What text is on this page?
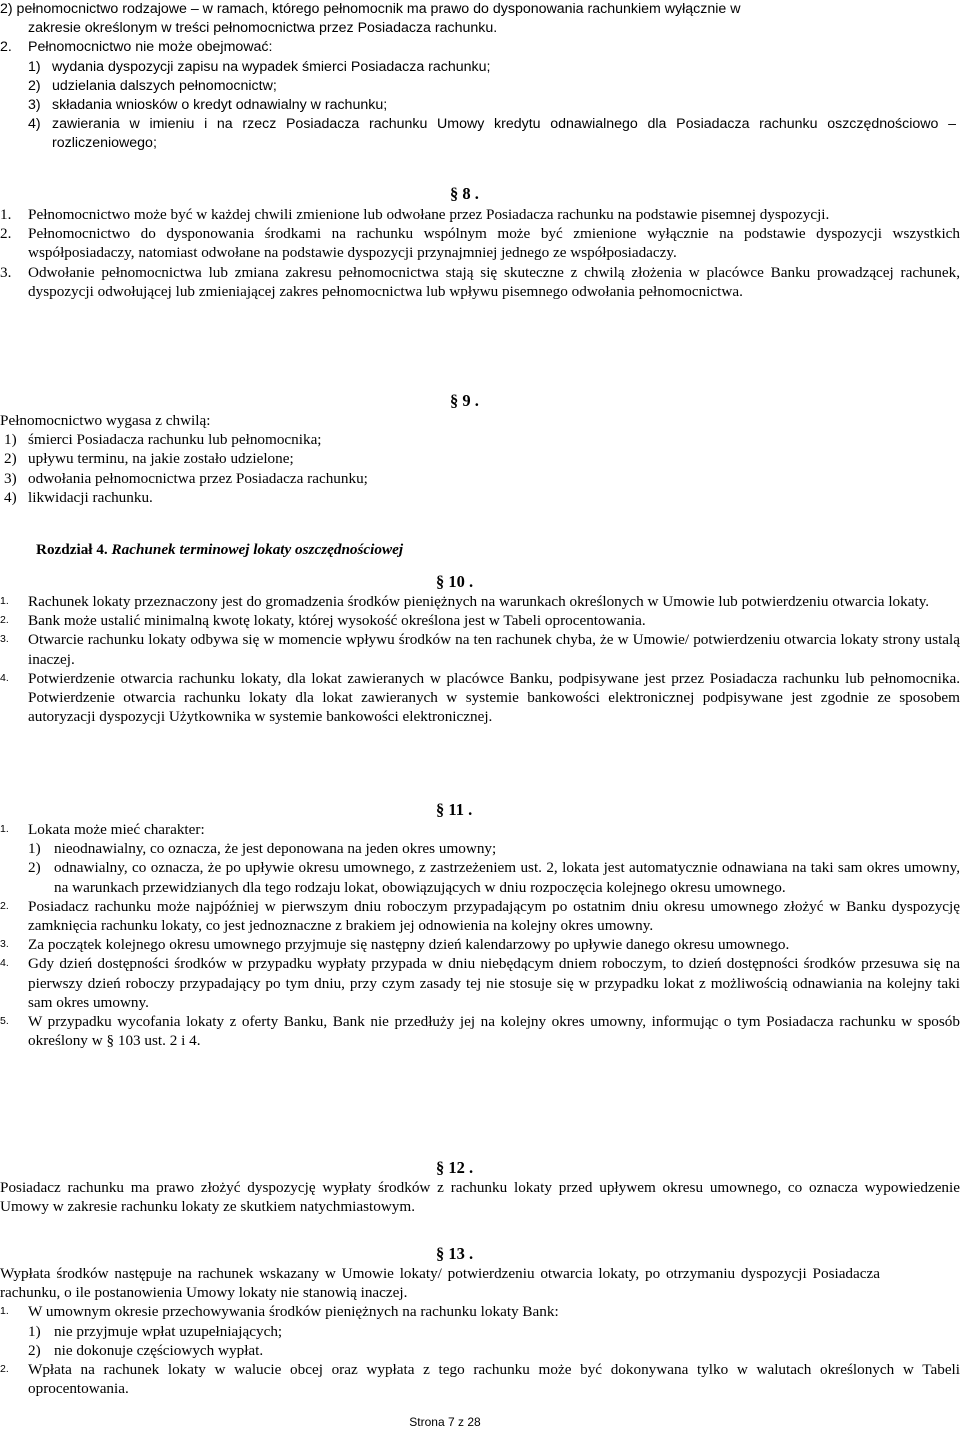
2) pełnomocnictwo rodzajowe – w ramach, którego pełnomocnik ma prawo do dysponowania rachunkiem wyłącznie w
zakresie określonym w treści pełnomocnictwa przez Posiadacza rachunku.
2. Pełnomocnictwo nie może obejmować:
1) wydania dyspozycji zapisu na wypadek śmierci Posiadacza rachunku;
2) udzielania dalszych pełnomocnictw;
3) składania wniosków o kredyt odnawialny w rachunku;
4) zawierania w imieniu i na rzecz Posiadacza rachunku Umowy kredytu odnawialnego dla Posiadacza rachunku oszczędnościowo –rozliczeniowego;
§ 8 .
1. Pełnomocnictwo może być w każdej chwili zmienione lub odwołane przez Posiadacza rachunku na podstawie pisemnej dyspozycji.
2. Pełnomocnictwo do dysponowania środkami na rachunku wspólnym może być zmienione wyłącznie na podstawie dyspozycji wszystkich współposiadaczy, natomiast odwołane na podstawie dyspozycji przynajmniej jednego ze współposiadaczy.
3. Odwołanie pełnomocnictwa lub zmiana zakresu pełnomocnictwa stają się skuteczne z chwilą złożenia w placówce Banku prowadzącej rachunek, dyspozycji odwołującej lub zmieniającej zakres pełnomocnictwa lub wpływu pisemnego odwołania pełnomocnictwa.
§ 9 .
Pełnomocnictwo wygasa z chwilą:
1) śmierci Posiadacza rachunku lub pełnomocnika;
2) upływu terminu, na jakie zostało udzielone;
3) odwołania pełnomocnictwa przez Posiadacza rachunku;
4) likwidacji rachunku.
Rozdział 4. Rachunek terminowej lokaty oszczędnościowej
§ 10 .
1. Rachunek lokaty przeznaczony jest do gromadzenia środków pieniężnych na warunkach określonych w Umowie lub potwierdzeniu otwarcia lokaty.
2. Bank może ustalić minimalną kwotę lokaty, której wysokość określona jest w Tabeli oprocentowania.
3. Otwarcie rachunku lokaty odbywa się w momencie wpływu środków na ten rachunek chyba, że w Umowie/ potwierdzeniu otwarcia lokaty strony ustalą inaczej.
4. Potwierdzenie otwarcia rachunku lokaty, dla lokat zawieranych w placówce Banku, podpisywane jest przez Posiadacza rachunku lub pełnomocnika. Potwierdzenie otwarcia rachunku lokaty dla lokat zawieranych w systemie bankowości elektronicznej podpisywane jest zgodnie ze sposobem autoryzacji dyspozycji Użytkownika w systemie bankowości elektronicznej.
§ 11 .
1. Lokata może mieć charakter:
1) nieodnawialny, co oznacza, że jest deponowana na jeden okres umowny;
2) odnawialny, co oznacza, że po upływie okresu umownego, z zastrzeżeniem ust. 2, lokata jest automatycznie odnawiana na taki sam okres umowny, na warunkach przewidzianych dla tego rodzaju lokat, obowiązujących w dniu rozpoczęcia kolejnego okresu umownego.
2. Posiadacz rachunku może najpóźniej w pierwszym dniu roboczym przypadającym po ostatnim dniu okresu umownego złożyć w Banku dyspozycję zamknięcia rachunku lokaty, co jest jednoznaczne z brakiem jej odnowienia na kolejny okres umowny.
3. Za początek kolejnego okresu umownego przyjmuje się następny dzień kalendarzowy po upływie danego okresu umownego.
4. Gdy dzień dostępności środków w przypadku wypłaty przypada w dniu niebędącym dniem roboczym, to dzień dostępności środków przesuwa się na pierwszy dzień roboczy przypadający po tym dniu, przy czym zasady tej nie stosuje się w przypadku lokat z możliwością odnawiania na kolejny taki sam okres umowny.
5. W przypadku wycofania lokaty z oferty Banku, Bank nie przedłuży jej na kolejny okres umowny, informując o tym Posiadacza rachunku w sposób określony w § 103 ust. 2 i 4.
§ 12 .
Posiadacz rachunku ma prawo złożyć dyspozycję wypłaty środków z rachunku lokaty przed upływem okresu umownego, co oznacza wypowiedzenie Umowy w zakresie rachunku lokaty ze skutkiem natychmiastowym.
§ 13 .
Wypłata środków następuje na rachunek wskazany w Umowie lokaty/ potwierdzeniu otwarcia lokaty, po otrzymaniu dyspozycji Posiadacza rachunku, o ile postanowienia Umowy lokaty nie stanowią inaczej.
1. W umownym okresie przechowywania środków pieniężnych na rachunku lokaty Bank:
1) nie przyjmuje wpłat uzupełniających;
2) nie dokonuje częściowych wypłat.
2. Wpłata na rachunek lokaty w walucie obcej oraz wypłata z tego rachunku może być dokonywana tylko w walutach określonych w Tabeli oprocentowania.
Strona 7 z 28
